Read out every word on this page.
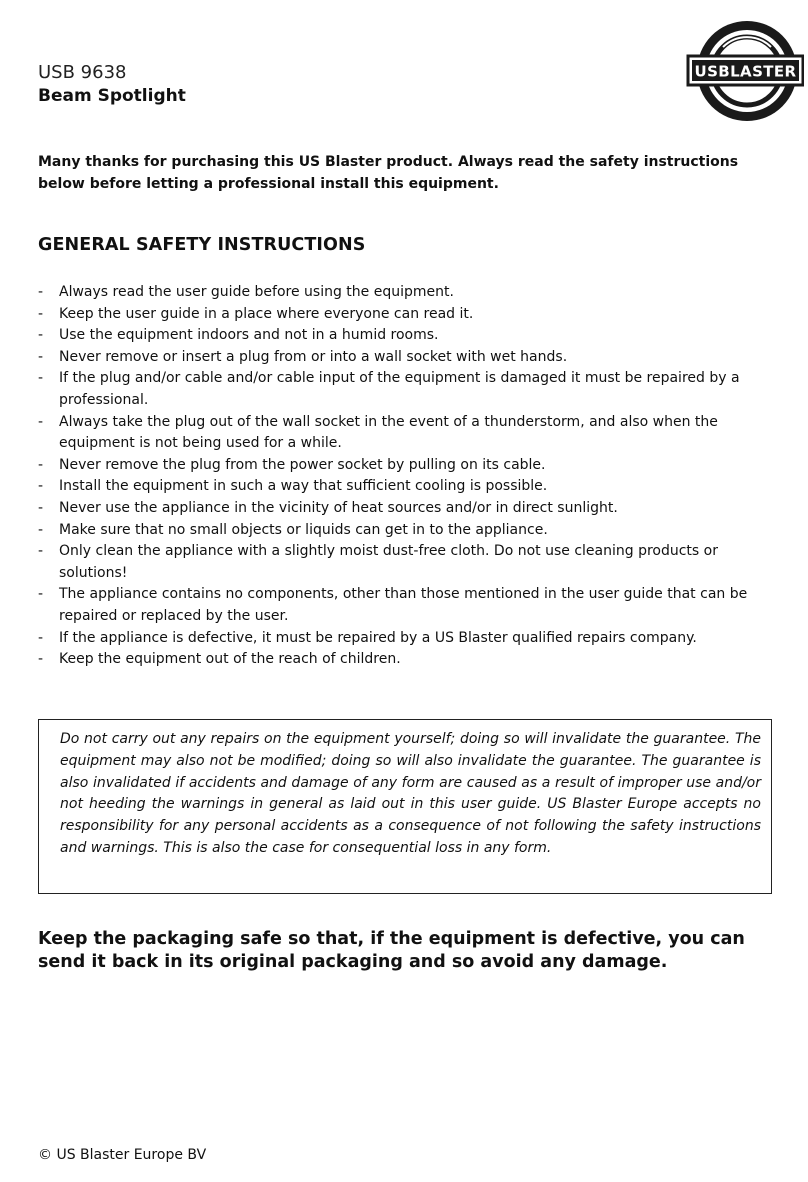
USB 9638
Beam Spotlight
USBLASTER
Many thanks for purchasing this US Blaster product. Always read the safety instructions
below before letting a professional install this equipment.
GENERAL SAFETY INSTRUCTIONS
- Always read the user guide before using the equipment.
- Keep the user guide in a place where everyone can read it.
- Use the equipment indoors and not in a humid rooms.
- Never remove or insert a plug from or into a wall socket with wet hands.
- If the plug and/or cable and/or cable input of the equipment is damaged it must be repaired by a professional.
- Always take the plug out of the wall socket in the event of a thunderstorm, and also when the equipment is not being used for a while.
- Never remove the plug from the power socket by pulling on its cable.
- Install the equipment in such a way that sufficient cooling is possible.
- Never use the appliance in the vicinity of heat sources and/or in direct sunlight.
- Make sure that no small objects or liquids can get in to the appliance.
- Only clean the appliance with a slightly moist dust-free cloth. Do not use cleaning products or solutions!
- The appliance contains no components, other than those mentioned in the user guide that can be repaired or replaced by the user.
- If the appliance is defective, it must be repaired by a US Blaster qualified repairs company.
- Keep the equipment out of the reach of children.

Do not carry out any repairs on the equipment yourself; doing so will invalidate the guarantee. The equipment may also not be modified; doing so will also invalidate the guarantee. The guarantee is also invalidated if accidents and damage of any form are caused as a result of improper use and/or not heeding the warnings in general as laid out in this user guide. US Blaster Europe accepts no responsibility for any personal accidents as a consequence of not following the safety instructions and warnings. This is also the case for consequential loss in any form.

Keep the packaging safe so that, if the equipment is defective, you can
send it back in its original packaging and so avoid any damage.
© US Blaster Europe BV
